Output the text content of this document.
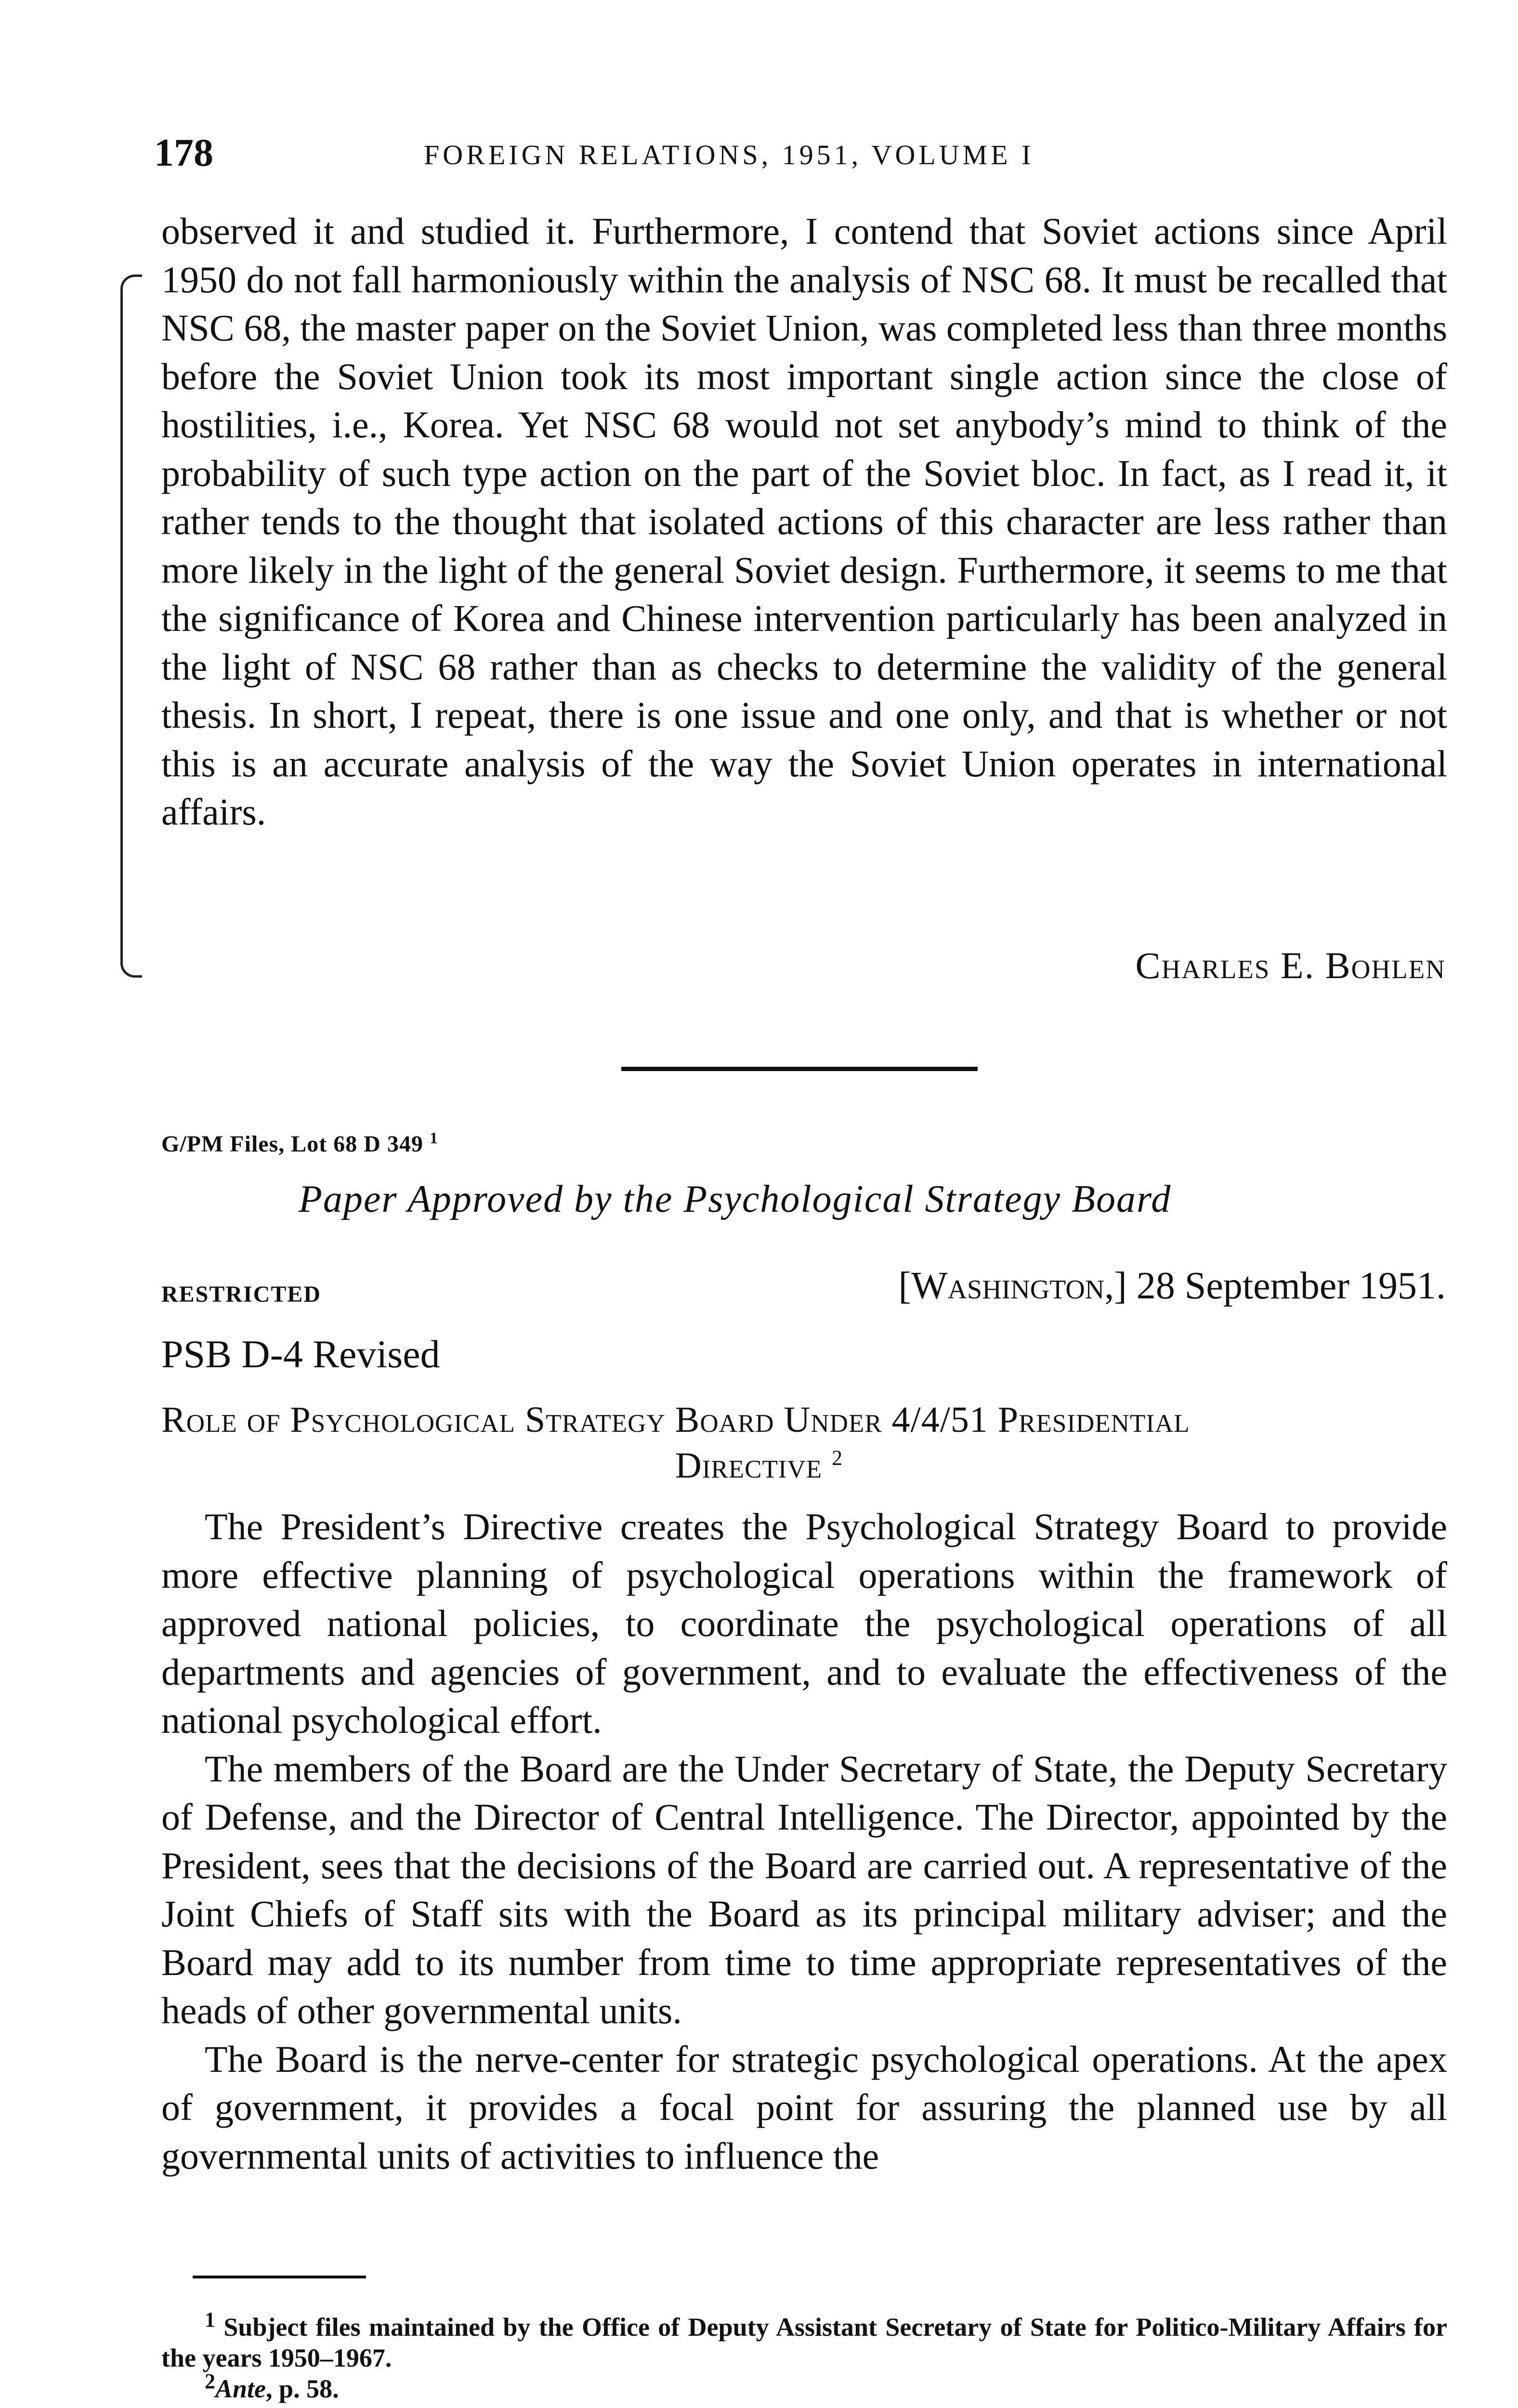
178	FOREIGN RELATIONS, 1951, VOLUME I

observed it and studied it. Furthermore, I contend that Soviet actions since April 1950 do not fall harmoniously within the analysis of NSC 68. It must be recalled that NSC 68, the master paper on the Soviet Union, was completed less than three months before the Soviet Union took its most important single action since the close of hostilities, i.e., Korea. Yet NSC 68 would not set anybody’s mind to think of the probability of such type action on the part of the Soviet bloc. In fact, as I read it, it rather tends to the thought that isolated actions of this character are less rather than more likely in the light of the general Soviet design. Furthermore, it seems to me that the significance of Korea and Chinese intervention particularly has been analyzed in the light of NSC 68 rather than as checks to determine the validity of the general thesis. In short, I repeat, there is one issue and one only, and that is whether or not this is an accurate analysis of the way the Soviet Union operates in international affairs.

Charles E. Bohlen
G/PM Files, Lot 68 D 349 $^1$
Paper Approved by the Psychological Strategy Board
RESTRICTED	[Washington,] 28 September 1951.
PSB D-4 Revised
Role of Psychological Strategy Board Under 4/4/51 Presidential
Directive $^2$

The President’s Directive creates the Psychological Strategy Board to provide more effective planning of psychological operations within the framework of approved national policies, to coordinate the psychological operations of all departments and agencies of government, and to evaluate the effectiveness of the national psychological effort.

The members of the Board are the Under Secretary of State, the Deputy Secretary of Defense, and the Director of Central Intelligence. The Director, appointed by the President, sees that the decisions of the Board are carried out. A representative of the Joint Chiefs of Staff sits with the Board as its principal military adviser; and the Board may add to its number from time to time appropriate representatives of the heads of other governmental units.

The Board is the nerve-center for strategic psychological operations. At the apex of government, it provides a focal point for assuring the planned use by all governmental units of activities to influence the

$^1$ Subject files maintained by the Office of Deputy Assistant Secretary of State for Politico-Military Affairs for the years 1950–1967.

$^2$Ante, p. 58.
